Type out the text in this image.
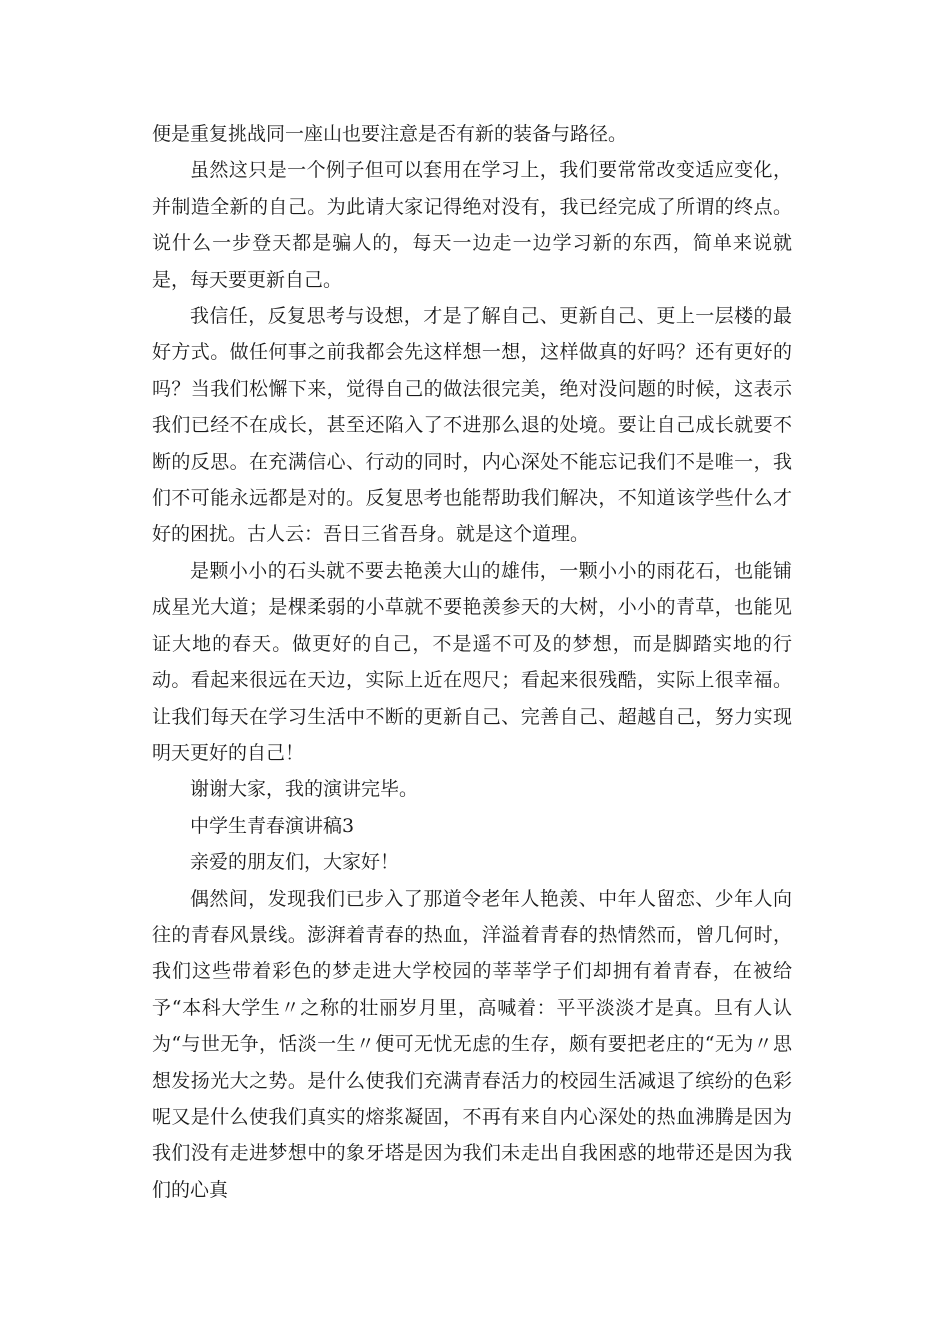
便是重复挑战同一座山也要注意是否有新的装备与路径。

虽然这只是一个例子但可以套用在学习上，我们要常常改变适应变化，并制造全新的自己。为此请大家记得绝对没有，我已经完成了所谓的终点。说什么一步登天都是骗人的，每天一边走一边学习新的东西，简单来说就是，每天要更新自己。

我信任，反复思考与设想，才是了解自己、更新自己、更上一层楼的最好方式。做任何事之前我都会先这样想一想，这样做真的好吗？还有更好的吗？当我们松懈下来，觉得自己的做法很完美，绝对没问题的时候，这表示我们已经不在成长，甚至还陷入了不进那么退的处境。要让自己成长就要不断的反思。在充满信心、行动的同时，内心深处不能忘记我们不是唯一，我们不可能永远都是对的。反复思考也能帮助我们解决，不知道该学些什么才好的困扰。古人云：吾日三省吾身。就是这个道理。

是颗小小的石头就不要去艳羡大山的雄伟，一颗小小的雨花石，也能铺成星光大道；是棵柔弱的小草就不要艳羡参天的大树，小小的青草，也能见证大地的春天。做更好的自己，不是遥不可及的梦想，而是脚踏实地的行动。看起来很远在天边，实际上近在咫尺；看起来很残酷，实际上很幸福。让我们每天在学习生活中不断的更新自己、完善自己、超越自己，努力实现明天更好的自己！

谢谢大家，我的演讲完毕。

中学生青春演讲稿3

亲爱的朋友们，大家好！

偶然间，发现我们已步入了那道令老年人艳羡、中年人留恋、少年人向往的青春风景线。澎湃着青春的热血，洋溢着青春的热情然而，曾几何时，我们这些带着彩色的梦走进大学校园的莘莘学子们却拥有着青春，在被给予“本科大学生〃之称的壮丽岁月里，高喊着：平平淡淡才是真。旦有人认为“与世无争，恬淡一生〃便可无忧无虑的生存，颇有要把老庄的“无为〃思想发扬光大之势。是什么使我们充满青春活力的校园生活减退了缤纷的色彩呢又是什么使我们真实的熔浆凝固，不再有来自内心深处的热血沸腾是因为我们没有走进梦想中的象牙塔是因为我们未走出自我困惑的地带还是因为我们的心真
